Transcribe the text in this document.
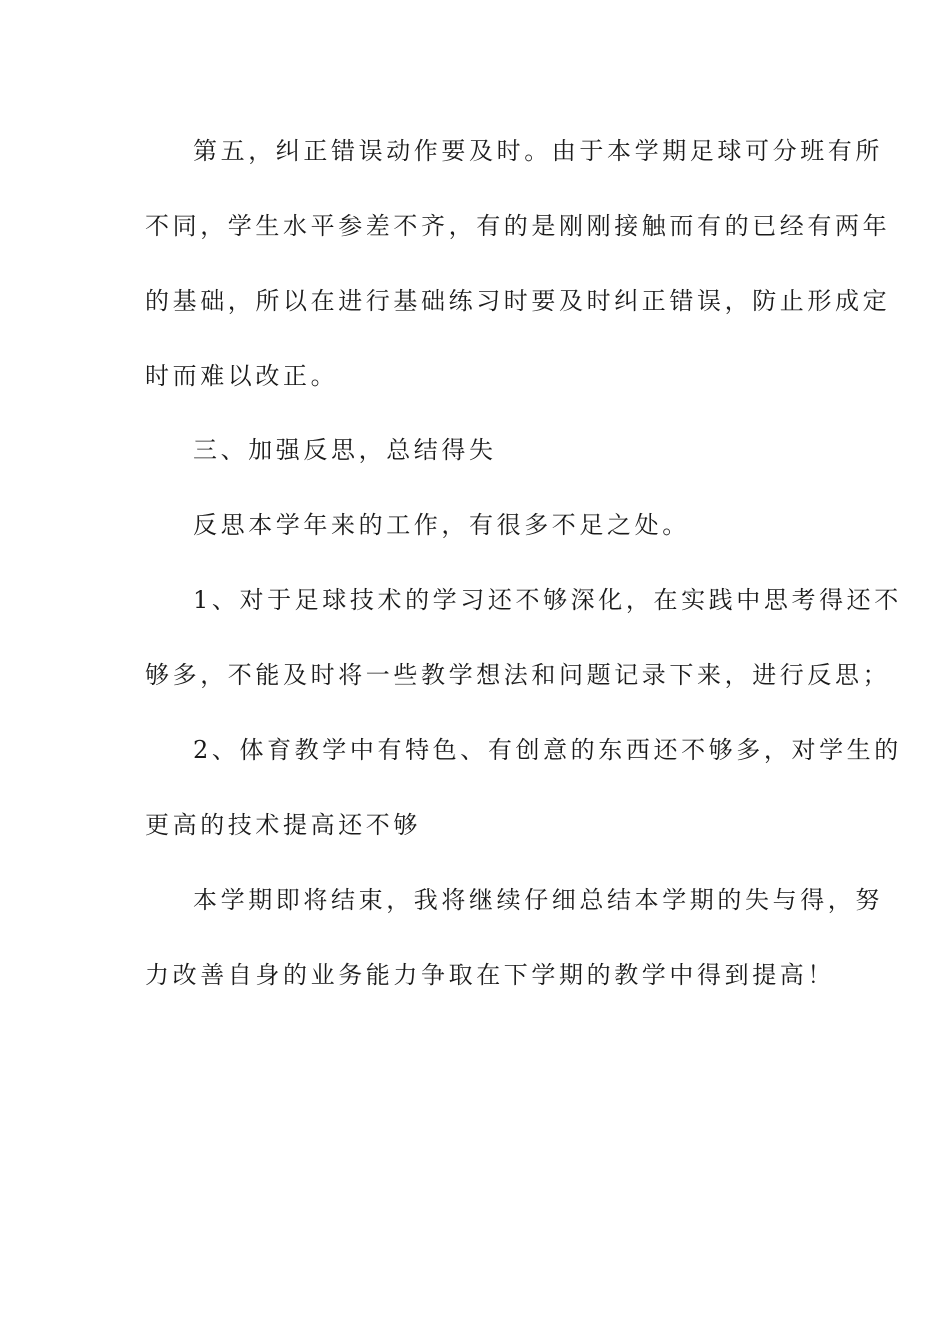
第五，纠正错误动作要及时。由于本学期足球可分班有所
不同，学生水平参差不齐，有的是刚刚接触而有的已经有两年
的基础，所以在进行基础练习时要及时纠正错误，防止形成定
时而难以改正。
三、加强反思，总结得失
反思本学年来的工作，有很多不足之处。
1、对于足球技术的学习还不够深化，在实践中思考得还不
够多，不能及时将一些教学想法和问题记录下来，进行反思；
2、体育教学中有特色、有创意的东西还不够多，对学生的
更高的技术提高还不够
本学期即将结束，我将继续仔细总结本学期的失与得，努
力改善自身的业务能力争取在下学期的教学中得到提高！
